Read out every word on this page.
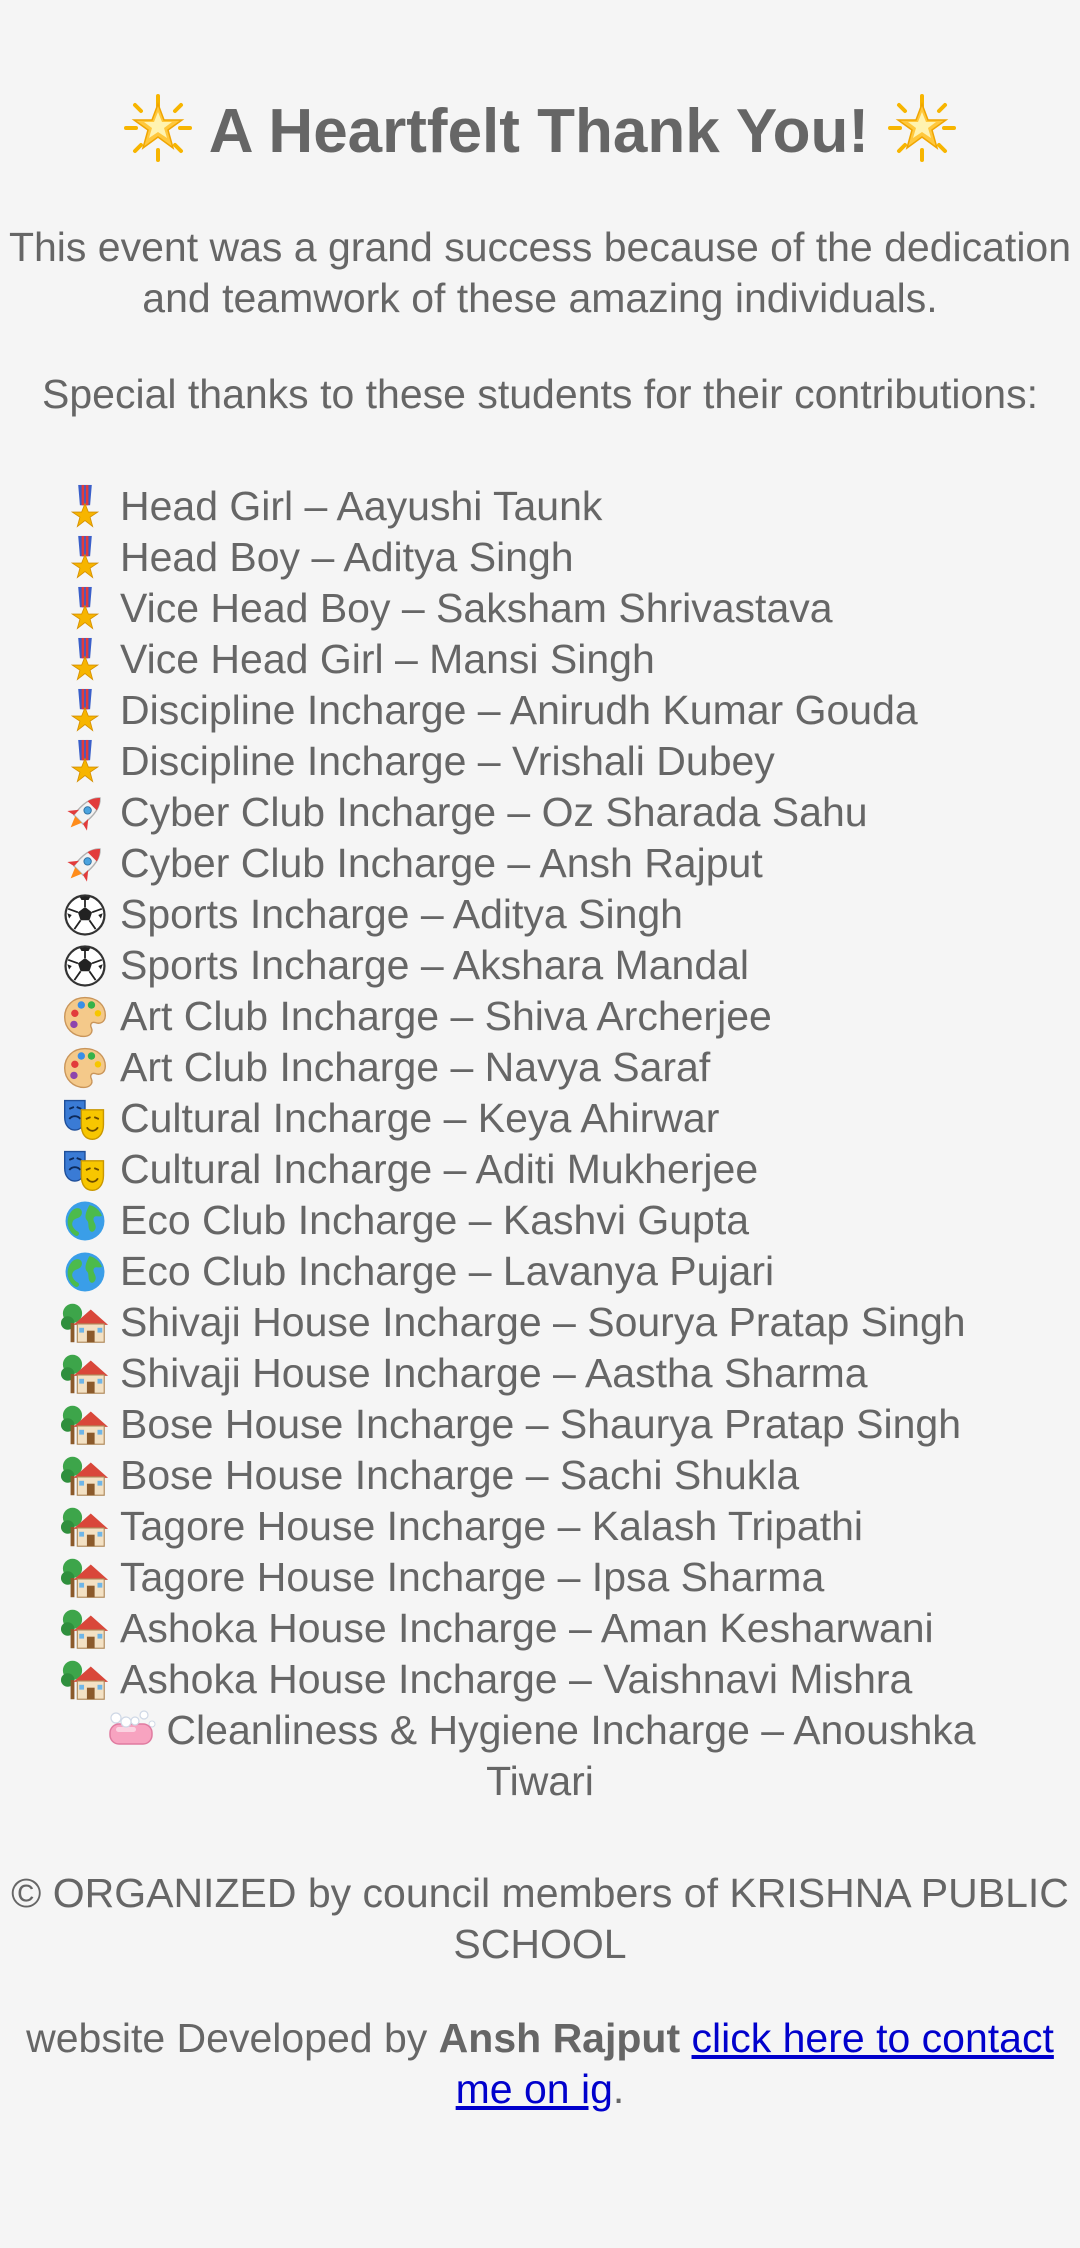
A Heartfelt Thank You!
This event was a grand success because of the dedication and teamwork of these amazing individuals.
Special thanks to these students for their contributions:
Head Girl – Aayushi Taunk
Head Boy – Aditya Singh
Vice Head Boy – Saksham Shrivastava
Vice Head Girl – Mansi Singh
Discipline Incharge – Anirudh Kumar Gouda
Discipline Incharge – Vrishali Dubey
Cyber Club Incharge – Oz Sharada Sahu
Cyber Club Incharge – Ansh Rajput
Sports Incharge – Aditya Singh
Sports Incharge – Akshara Mandal
Art Club Incharge – Shiva Archerjee
Art Club Incharge – Navya Saraf
Cultural Incharge – Keya Ahirwar
Cultural Incharge – Aditi Mukherjee
Eco Club Incharge – Kashvi Gupta
Eco Club Incharge – Lavanya Pujari
Shivaji House Incharge – Sourya Pratap Singh
Shivaji House Incharge – Aastha Sharma
Bose House Incharge – Shaurya Pratap Singh
Bose House Incharge – Sachi Shukla
Tagore House Incharge – Kalash Tripathi
Tagore House Incharge – Ipsa Sharma
Ashoka House Incharge – Aman Kesharwani
Ashoka House Incharge – Vaishnavi Mishra
Cleanliness & Hygiene Incharge – Anoushka Tiwari
© ORGANIZED by council members of KRISHNA PUBLIC SCHOOL
website Developed by Ansh Rajput click here to contact me on ig.
